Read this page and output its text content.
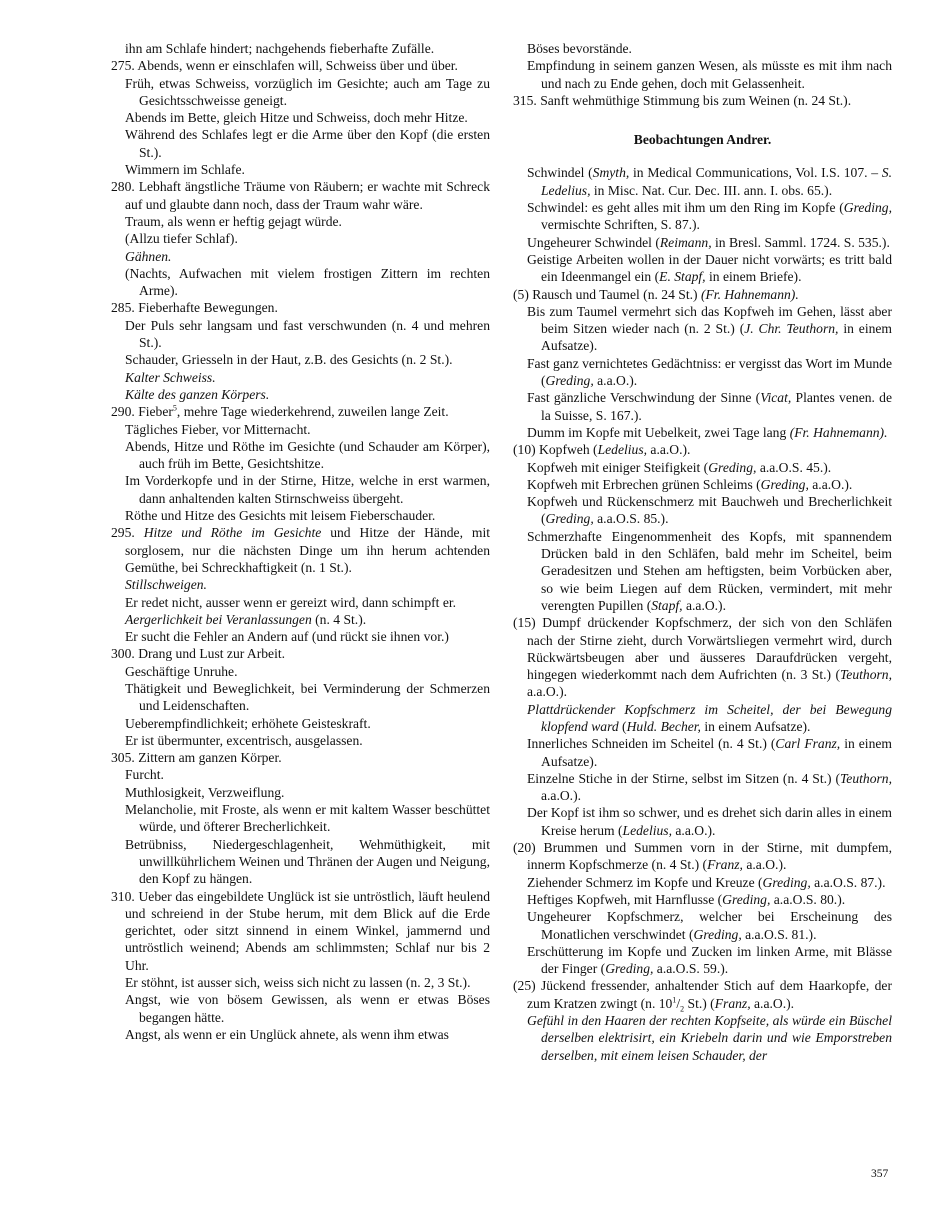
ihn am Schlafe hindert; nachgehends fieberhafte Zufälle.

275. Abends, wenn er einschlafen will, Schweiss über und über.

Früh, etwas Schweiss, vorzüglich im Gesichte; auch am Tage zu Gesichtsschweisse geneigt.

Abends im Bette, gleich Hitze und Schweiss, doch mehr Hitze.

Während des Schlafes legt er die Arme über den Kopf (die ersten St.).

Wimmern im Schlafe.

280. Lebhaft ängstliche Träume von Räubern; er wachte mit Schreck auf und glaubte dann noch, dass der Traum wahr wäre.

Traum, als wenn er heftig gejagt würde.

(Allzu tiefer Schlaf).

Gähnen.

(Nachts, Aufwachen mit vielem frostigen Zittern im rechten Arme).

285. Fieberhafte Bewegungen.

Der Puls sehr langsam und fast verschwunden (n. 4 und mehren St.).

Schauder, Griesseln in der Haut, z.B. des Gesichts (n. 2 St.).

Kalter Schweiss.

Kälte des ganzen Körpers.

290. Fieber$^5$, mehre Tage wiederkehrend, zuweilen lange Zeit.

Tägliches Fieber, vor Mitternacht.

Abends, Hitze und Röthe im Gesichte (und Schauder am Körper), auch früh im Bette, Gesichtshitze.

Im Vorderkopfe und in der Stirne, Hitze, welche in erst warmen, dann anhaltenden kalten Stirnschweiss übergeht.

Röthe und Hitze des Gesichts mit leisem Fieberschauder.

295. Hitze und Röthe im Gesichte und Hitze der Hände, mit sorglosem, nur die nächsten Dinge um ihn herum achtenden Gemüthe, bei Schreckhaftigkeit (n. 1 St.).

Stillschweigen.

Er redet nicht, ausser wenn er gereizt wird, dann schimpft er.

Aergerlichkeit bei Veranlassungen (n. 4 St.).

Er sucht die Fehler an Andern auf (und rückt sie ihnen vor.)

300. Drang und Lust zur Arbeit.

Geschäftige Unruhe.

Thätigkeit und Beweglichkeit, bei Verminderung der Schmerzen und Leidenschaften.

Ueberempfindlichkeit; erhöhete Geisteskraft.

Er ist übermunter, excentrisch, ausgelassen.

305. Zittern am ganzen Körper.

Furcht.

Muthlosigkeit, Verzweiflung.

Melancholie, mit Froste, als wenn er mit kaltem Wasser beschüttet würde, und öfterer Brecherlichkeit.

Betrübniss, Niedergeschlagenheit, Wehmüthigkeit, mit unwillkührlichem Weinen und Thränen der Augen und Neigung, den Kopf zu hängen.

310. Ueber das eingebildete Unglück ist sie untröstlich, läuft heulend und schreiend in der Stube herum, mit dem Blick auf die Erde gerichtet, oder sitzt sinnend in einem Winkel, jammernd und untröstlich weinend; Abends am schlimmsten; Schlaf nur bis 2 Uhr.

Er stöhnt, ist ausser sich, weiss sich nicht zu lassen (n. 2, 3 St.).

Angst, wie von bösem Gewissen, als wenn er etwas Böses begangen hätte.

Angst, als wenn er ein Unglück ahnete, als wenn ihm etwas

Böses bevorstände.

Empfindung in seinem ganzen Wesen, als müsste es mit ihm nach und nach zu Ende gehen, doch mit Gelassenheit.

315. Sanft wehmüthige Stimmung bis zum Weinen (n. 24 St.).

Beobachtungen Andrer.

Schwindel (Smyth, in Medical Communications, Vol. I.S. 107. – S. Ledelius, in Misc. Nat. Cur. Dec. III. ann. I. obs. 65.).

Schwindel: es geht alles mit ihm um den Ring im Kopfe (Greding, vermischte Schriften, S. 87.).

Ungeheurer Schwindel (Reimann, in Bresl. Samml. 1724. S. 535.).

Geistige Arbeiten wollen in der Dauer nicht vorwärts; es tritt bald ein Ideenmangel ein (E. Stapf, in einem Briefe).

(5) Rausch und Taumel (n. 24 St.) (Fr. Hahnemann).

Bis zum Taumel vermehrt sich das Kopfweh im Gehen, lässt aber beim Sitzen wieder nach (n. 2 St.) (J. Chr. Teuthorn, in einem Aufsatze).

Fast ganz vernichtetes Gedächtniss: er vergisst das Wort im Munde (Greding, a.a.O.).

Fast gänzliche Verschwindung der Sinne (Vicat, Plantes venen. de la Suisse, S. 167.).

Dumm im Kopfe mit Uebelkeit, zwei Tage lang (Fr. Hahnemann).

(10) Kopfweh (Ledelius, a.a.O.).

Kopfweh mit einiger Steifigkeit (Greding, a.a.O.S. 45.).

Kopfweh mit Erbrechen grünen Schleims (Greding, a.a.O.).

Kopfweh und Rückenschmerz mit Bauchweh und Brecherlichkeit (Greding, a.a.O.S. 85.).

Schmerzhafte Eingenommenheit des Kopfs, mit spannendem Drücken bald in den Schläfen, bald mehr im Scheitel, beim Geradesitzen und Stehen am heftigsten, beim Vorbücken aber, so wie beim Liegen auf dem Rücken, vermindert, mit mehr verengten Pupillen (Stapf, a.a.O.).

(15) Dumpf drückender Kopfschmerz, der sich von den Schläfen nach der Stirne zieht, durch Vorwärtsliegen vermehrt wird, durch Rückwärtsbeugen aber und äusseres Daraufdrücken vergeht, hingegen wiederkommt nach dem Aufrichten (n. 3 St.) (Teuthorn, a.a.O.).

Plattdrückender Kopfschmerz im Scheitel, der bei Bewegung klopfend ward (Huld. Becher, in einem Aufsatze).

Innerliches Schneiden im Scheitel (n. 4 St.) (Carl Franz, in einem Aufsatze).

Einzelne Stiche in der Stirne, selbst im Sitzen (n. 4 St.) (Teuthorn, a.a.O.).

Der Kopf ist ihm so schwer, und es drehet sich darin alles in einem Kreise herum (Ledelius, a.a.O.).

(20) Brummen und Summen vorn in der Stirne, mit dumpfem, innerm Kopfschmerze (n. 4 St.) (Franz, a.a.O.).

Ziehender Schmerz im Kopfe und Kreuze (Greding, a.a.O.S. 87.).

Heftiges Kopfweh, mit Harnflusse (Greding, a.a.O.S. 80.).

Ungeheurer Kopfschmerz, welcher bei Erscheinung des Monatlichen verschwindet (Greding, a.a.O.S. 81.).

Erschütterung im Kopfe und Zucken im linken Arme, mit Blässe der Finger (Greding, a.a.O.S. 59.).

(25) Jückend fressender, anhaltender Stich auf dem Haarkopfe, der zum Kratzen zwingt (n. $10^1/_2$ St.) (Franz, a.a.O.).

Gefühl in den Haaren der rechten Kopfseite, als würde ein Büschel derselben elektrisirt, ein Kriebeln darin und wie Emporstreben derselben, mit einem leisen Schauder, der

357
